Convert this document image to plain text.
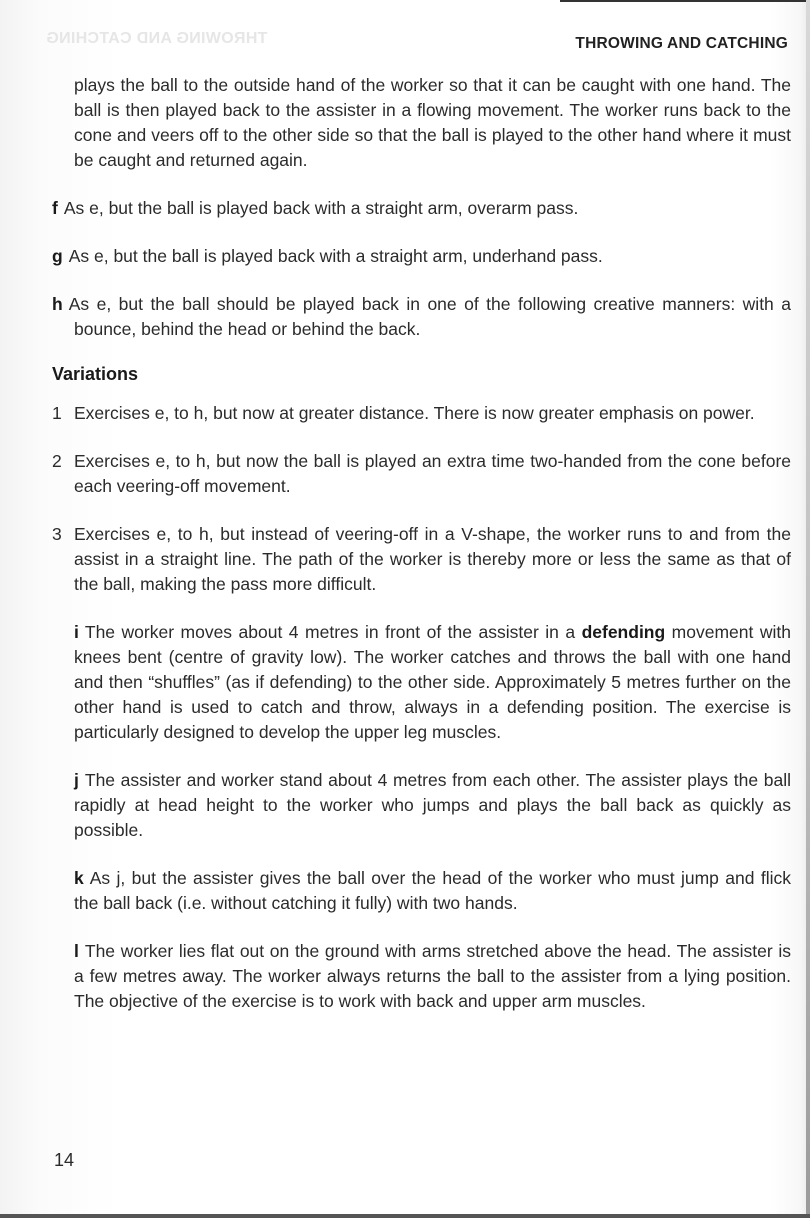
THROWING AND CATCHING	THROWING AND CATCHING

plays the ball to the outside hand of the worker so that it can be caught with one hand. The ball is then played back to the assister in a flowing movement. The worker runs back to the cone and veers off to the other side so that the ball is played to the other hand where it must be caught and returned again.

f As e, but the ball is played back with a straight arm, overarm pass.

g As e, but the ball is played back with a straight arm, underhand pass.

h As e, but the ball should be played back in one of the following creative manners: with a bounce, behind the head or behind the back.

Variations

1 Exercises e, to h, but now at greater distance. There is now greater emphasis on power.

2 Exercises e, to h, but now the ball is played an extra time two-handed from the cone before each veering-off movement.

3 Exercises e, to h, but instead of veering-off in a V-shape, the worker runs to and from the assist in a straight line. The path of the worker is thereby more or less the same as that of the ball, making the pass more difficult.

i The worker moves about 4 metres in front of the assister in a defending movement with knees bent (centre of gravity low). The worker catches and throws the ball with one hand and then “shuffles” (as if defending) to the other side. Approximately 5 metres further on the other hand is used to catch and throw, always in a defending position. The exercise is particularly designed to develop the upper leg muscles.

j The assister and worker stand about 4 metres from each other. The assister plays the ball rapidly at head height to the worker who jumps and plays the ball back as quickly as possible.

k As j, but the assister gives the ball over the head of the worker who must jump and flick the ball back (i.e. without catching it fully) with two hands.

l The worker lies flat out on the ground with arms stretched above the head. The assister is a few metres away. The worker always returns the ball to the assister from a lying position. The objective of the exercise is to work with back and upper arm muscles.

14
